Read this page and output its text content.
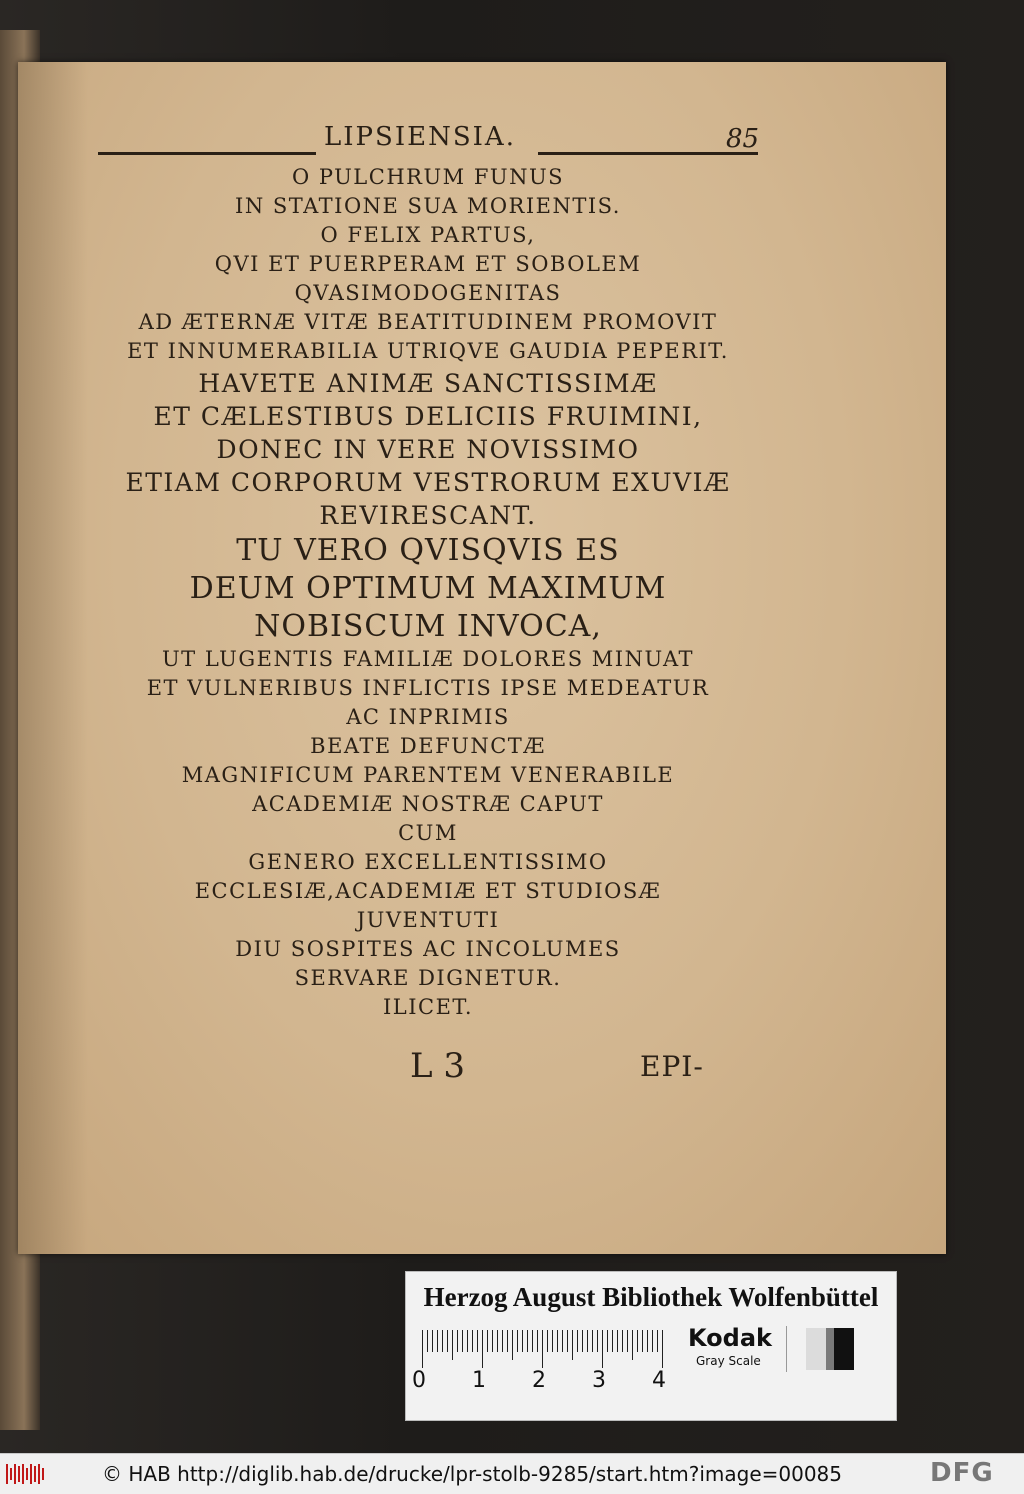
LIPSIENSIA.	85
O PULCHRUM FUNUS
IN STATIONE SUA MORIENTIS.
O FELIX PARTUS,
QVI ET PUERPERAM ET SOBOLEM
QVASIMODOGENITAS
AD ÆTERNÆ VITÆ BEATITUDINEM PROMOVIT
ET INNUMERABILIA UTRIQVE GAUDIA PEPERIT.
HAVETE ANIMÆ SANCTISSIMÆ
ET CÆLESTIBUS DELICIIS FRUIMINI,
DONEC IN VERE NOVISSIMO
ETIAM CORPORUM VESTRORUM EXUVIÆ
REVIRESCANT.
TU VERO QVISQVIS ES
DEUM OPTIMUM MAXIMUM
NOBISCUM INVOCA,
UT LUGENTIS FAMILIÆ DOLORES MINUAT
ET VULNERIBUS INFLICTIS IPSE MEDEATUR
AC INPRIMIS
BEATE DEFUNCTÆ
MAGNIFICUM PARENTEM VENERABILE
ACADEMIÆ NOSTRÆ CAPUT
CUM
GENERO EXCELLENTISSIMO
ECCLESIÆ,ACADEMIÆ ET STUDIOSÆ
JUVENTUTI
DIU SOSPITES AC INCOLUMES
SERVARE DIGNETUR.
ILICET.
L 3	EPI-
Herzog August Bibliothek Wolfenbüttel
0 1 2 3 4
Kodak
Gray Scale
© HAB http://diglib.hab.de/drucke/lpr-stolb-9285/start.htm?image=00085	DFG
